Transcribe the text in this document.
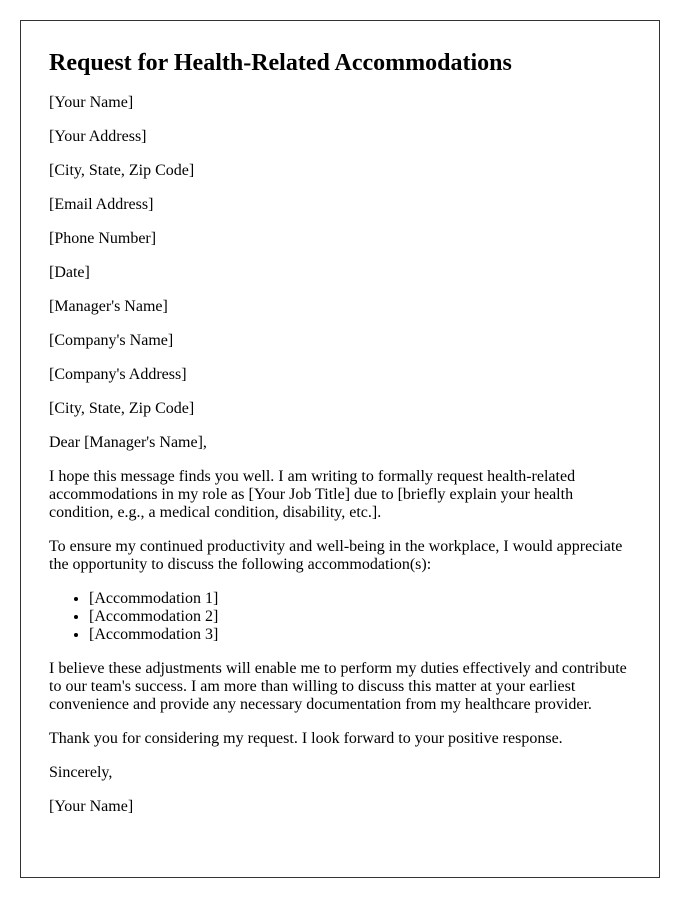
Request for Health-Related Accommodations

[Your Name]

[Your Address]

[City, State, Zip Code]

[Email Address]

[Phone Number]

[Date]

[Manager's Name]

[Company's Name]

[Company's Address]

[City, State, Zip Code]

Dear [Manager's Name],

I hope this message finds you well. I am writing to formally request health-related accommodations in my role as [Your Job Title] due to [briefly explain your health condition, e.g., a medical condition, disability, etc.].

To ensure my continued productivity and well-being in the workplace, I would appreciate the opportunity to discuss the following accommodation(s):

• [Accommodation 1]
• [Accommodation 2]
• [Accommodation 3]

I believe these adjustments will enable me to perform my duties effectively and contribute to our team's success. I am more than willing to discuss this matter at your earliest convenience and provide any necessary documentation from my healthcare provider.

Thank you for considering my request. I look forward to your positive response.

Sincerely,

[Your Name]
